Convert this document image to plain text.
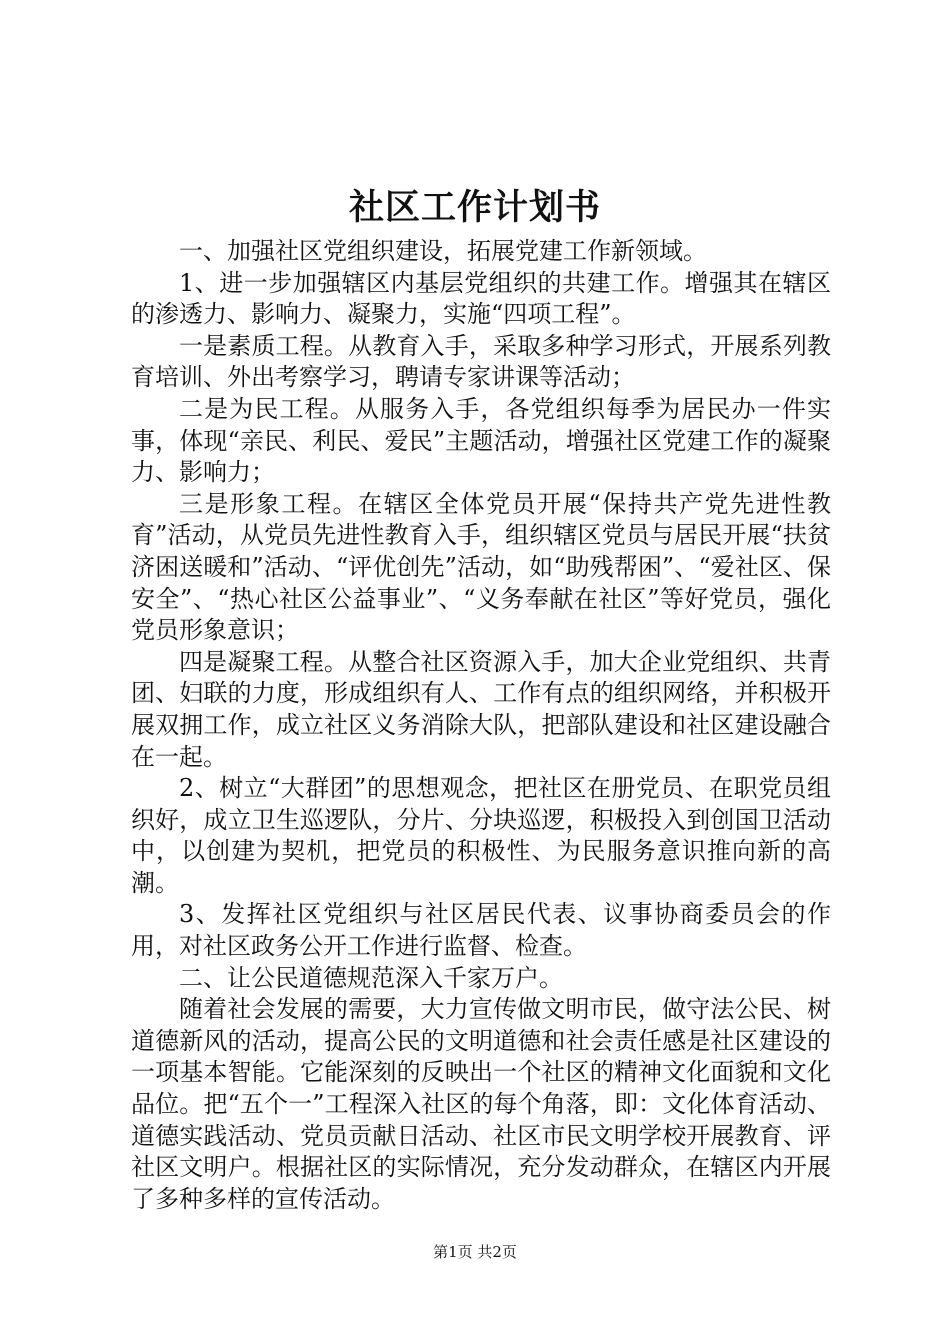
社区工作计划书

一、加强社区党组织建设，拓展党建工作新领域。

1、进一步加强辖区内基层党组织的共建工作。增强其在辖区的渗透力、影响力、凝聚力，实施“四项工程”。

一是素质工程。从教育入手，采取多种学习形式，开展系列教育培训、外出考察学习，聘请专家讲课等活动；

二是为民工程。从服务入手，各党组织每季为居民办一件实事，体现“亲民、利民、爱民”主题活动，增强社区党建工作的凝聚力、影响力；

三是形象工程。在辖区全体党员开展“保持共产党先进性教育”活动，从党员先进性教育入手，组织辖区党员与居民开展“扶贫济困送暖和”活动、“评优创先”活动，如“助残帮困”、“爱社区、保安全”、“热心社区公益事业”、“义务奉献在社区”等好党员，强化党员形象意识；

四是凝聚工程。从整合社区资源入手，加大企业党组织、共青团、妇联的力度，形成组织有人、工作有点的组织网络，并积极开展双拥工作，成立社区义务消除大队，把部队建设和社区建设融合在一起。

2、树立“大群团”的思想观念，把社区在册党员、在职党员组织好，成立卫生巡逻队，分片、分块巡逻，积极投入到创国卫活动中，以创建为契机，把党员的积极性、为民服务意识推向新的高潮。

3、发挥社区党组织与社区居民代表、议事协商委员会的作用，对社区政务公开工作进行监督、检查。

二、让公民道德规范深入千家万户。

随着社会发展的需要，大力宣传做文明市民，做守法公民、树道德新风的活动，提高公民的文明道德和社会责任感是社区建设的一项基本智能。它能深刻的反映出一个社区的精神文化面貌和文化品位。把“五个一”工程深入社区的每个角落，即：文化体育活动、道德实践活动、党员贡献日活动、社区市民文明学校开展教育、评社区文明户。根据社区的实际情况，充分发动群众，在辖区内开展了多种多样的宣传活动。

第1页 共2页
